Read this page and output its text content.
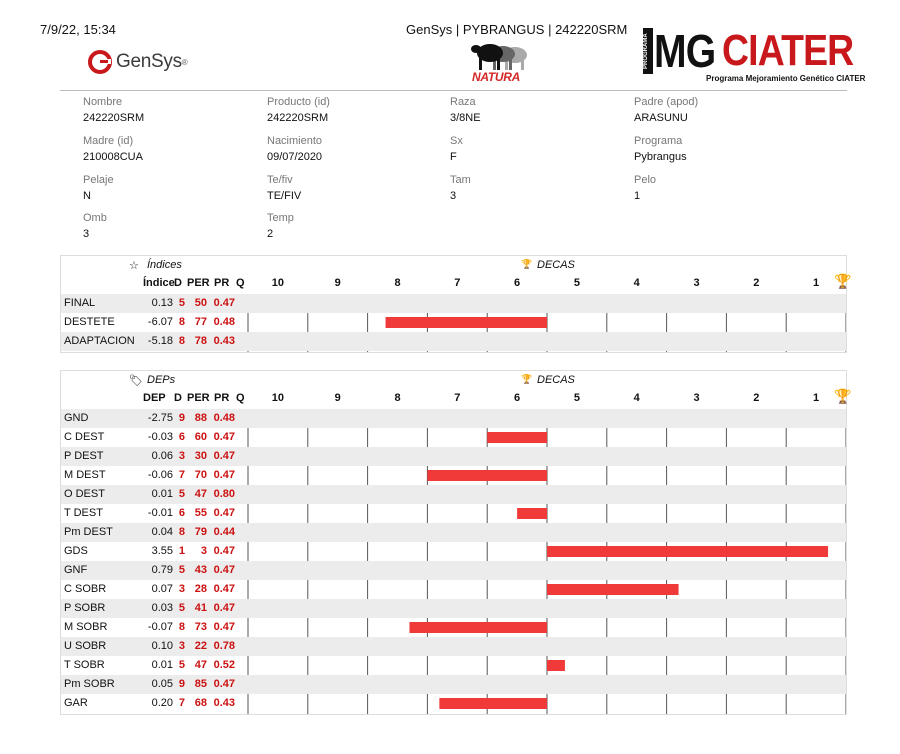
7/9/22, 15:34	GenSys | PYBRANGUS | 242220SRM
GenSys ®
NATURA
PROGRAMA MG CIATER
Programa Mejoramiento Genético CIATER
Nombre
242220SRM
Producto (id)
242220SRM
Raza
3/8NE
Padre (apod)
ARASUNU
Madre (id)
210008CUA
Nacimiento
09/07/2020
Sx
F
Programa
Pybrangus
Pelaje
N
Te/fiv
TE/FIV
Tam
3
Pelo
1
Omb
3
Temp
2
☆ Índices	🏆 DECAS
Índice D PER PR Q	10	9	8	7	6	5	4	3	2	1	🏆
FINAL	0.13 5 50 0.47
DESTETE	-6.07 8 77 0.48
ADAPTACION	-5.18 8 78 0.43
🏷 DEPs	🏆 DECAS
DEP D PER PR Q	10	9	8	7	6	5	4	3	2	1	🏆
GND	-2.75 9 88 0.48
C DEST	-0.03 6 60 0.47
P DEST	0.06 3 30 0.47
M DEST	-0.06 7 70 0.47
O DEST	0.01 5 47 0.80
T DEST	-0.01 6 55 0.47
Pm DEST	0.04 8 79 0.44
GDS	3.55 1	3 0.47
GNF	0.79 5 43 0.47
C SOBR	0.07 3 28 0.47
P SOBR	0.03 5 41 0.47
M SOBR	-0.07 8 73 0.47
U SOBR	0.10 3 22 0.78
T SOBR	0.01 5 47 0.52
Pm SOBR	0.05 9 85 0.47
GAR	0.20 7 68 0.43
